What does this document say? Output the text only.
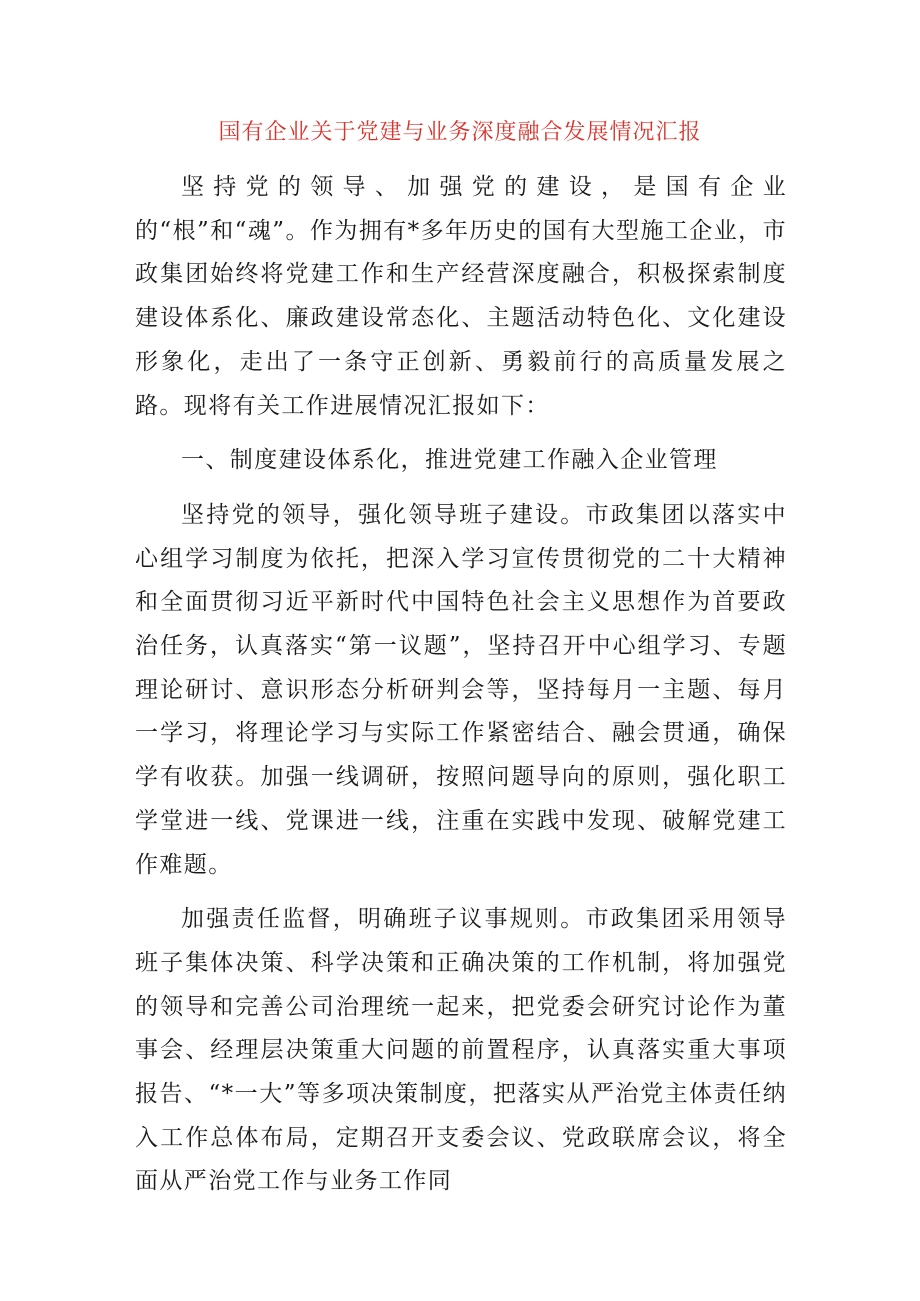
国有企业关于党建与业务深度融合发展情况汇报

坚持党的领导、加强党的建设，是国有企业的“根”和“魂”。作为拥有*多年历史的国有大型施工企业，市政集团始终将党建工作和生产经营深度融合，积极探索制度建设体系化、廉政建设常态化、主题活动特色化、文化建设形象化，走出了一条守正创新、勇毅前行的高质量发展之路。现将有关工作进展情况汇报如下：

一、制度建设体系化，推进党建工作融入企业管理

坚持党的领导，强化领导班子建设。市政集团以落实中心组学习制度为依托，把深入学习宣传贯彻党的二十大精神和全面贯彻习近平新时代中国特色社会主义思想作为首要政治任务，认真落实“第一议题”，坚持召开中心组学习、专题理论研讨、意识形态分析研判会等，坚持每月一主题、每月一学习，将理论学习与实际工作紧密结合、融会贯通，确保学有收获。加强一线调研，按照问题导向的原则，强化职工学堂进一线、党课进一线，注重在实践中发现、破解党建工作难题。

加强责任监督，明确班子议事规则。市政集团采用领导班子集体决策、科学决策和正确决策的工作机制，将加强党的领导和完善公司治理统一起来，把党委会研究讨论作为董事会、经理层决策重大问题的前置程序，认真落实重大事项报告、“*一大”等多项决策制度，把落实从严治党主体责任纳入工作总体布局，定期召开支委会议、党政联席会议，将全面从严治党工作与业务工作同
